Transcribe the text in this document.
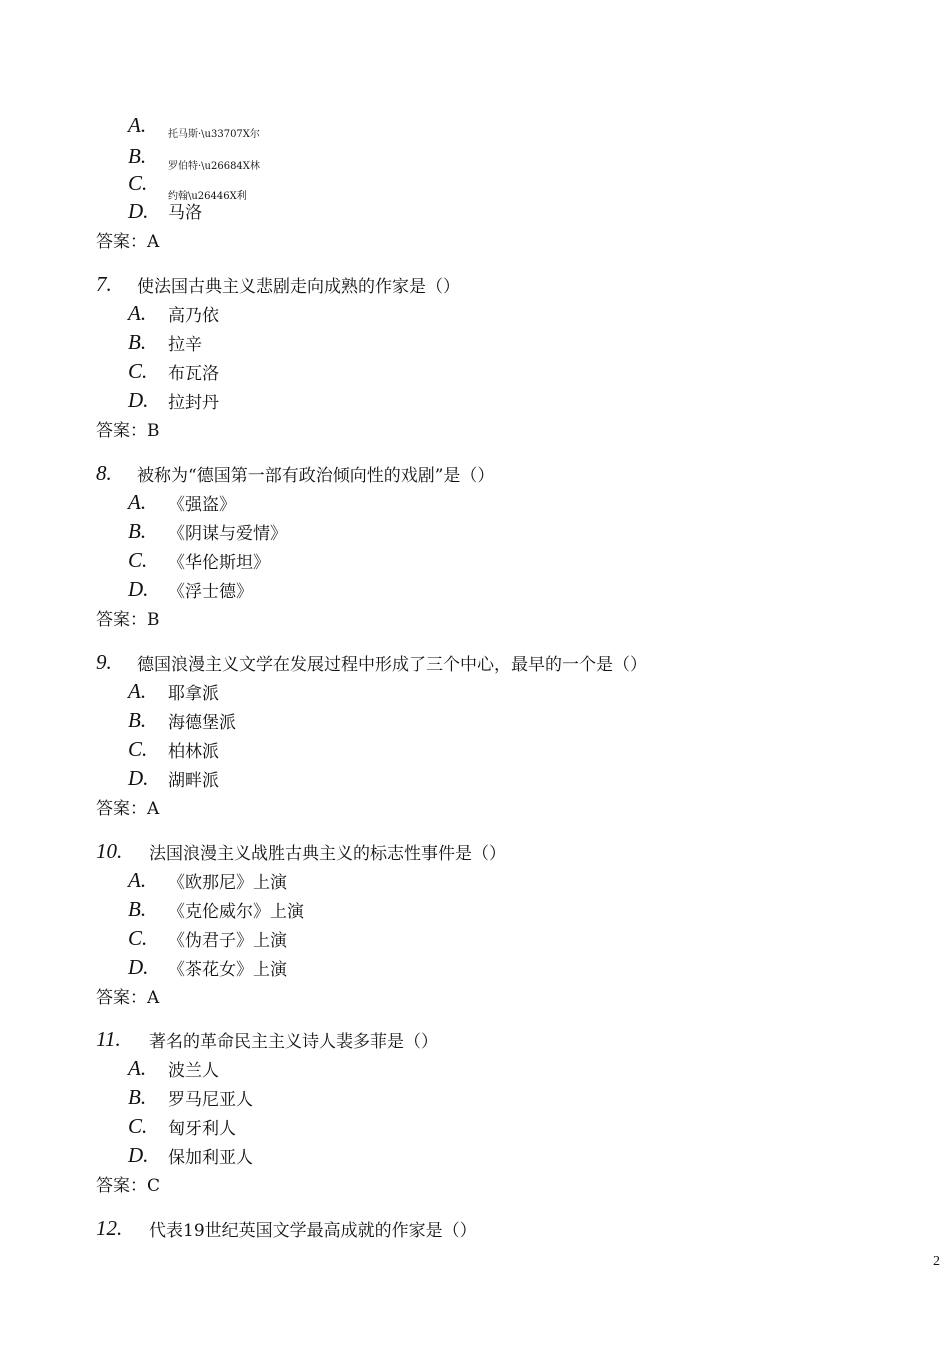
A. 托马斯·\u33707X尔
B. 罗伯特·\u26684X林
C.
约翰\u26446X利
D. 马洛
答案：A
7. 使法国古典主义悲剧走向成熟的作家是（）
A. 高乃依
B. 拉辛
C. 布瓦洛
D. 拉封丹
答案：B
8. 被称为“德国第一部有政治倾向性的戏剧”是（）
A. 《强盗》
B. 《阴谋与爱情》
C. 《华伦斯坦》
D. 《浮士德》
答案：B
9. 德国浪漫主义文学在发展过程中形成了三个中心，最早的一个是（）
A. 耶拿派
B. 海德堡派
C. 柏林派
D. 湖畔派
答案：A
10. 法国浪漫主义战胜古典主义的标志性事件是（）
A. 《欧那尼》上演
B. 《克伦威尔》上演
C. 《伪君子》上演
D. 《茶花女》上演
答案：A
11. 著名的革命民主主义诗人裴多菲是（）
A. 波兰人
B. 罗马尼亚人
C. 匈牙利人
D. 保加利亚人
答案：C
12. 代表19世纪英国文学最高成就的作家是（）
2
